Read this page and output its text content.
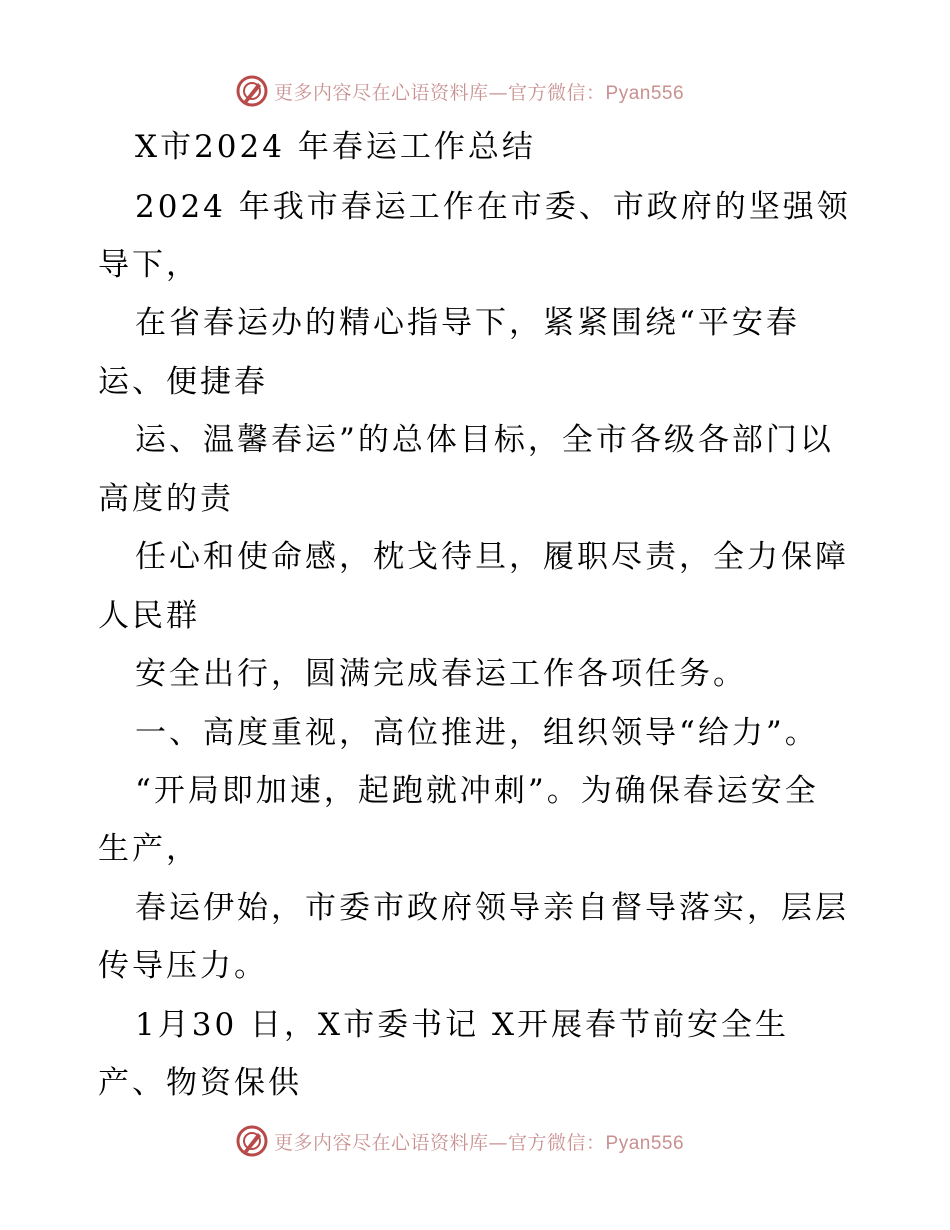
更多内容尽在心语资料库—官方微信：Pyan556
X市2024 年春运工作总结
2024 年我市春运工作在市委、市政府的坚强领
导下，
在省春运办的精心指导下，紧紧围绕“平安春
运、便捷春
运、温馨春运”的总体目标，全市各级各部门以
高度的责
任心和使命感，枕戈待旦，履职尽责，全力保障
人民群
安全出行，圆满完成春运工作各项任务。
一、高度重视，高位推进，组织领导“给力”。
“开局即加速，起跑就冲刺”。为确保春运安全
生产，
春运伊始，市委市政府领导亲自督导落实，层层
传导压力。
1月30 日，X市委书记 X开展春节前安全生
产、物资保供
更多内容尽在心语资料库—官方微信：Pyan556
